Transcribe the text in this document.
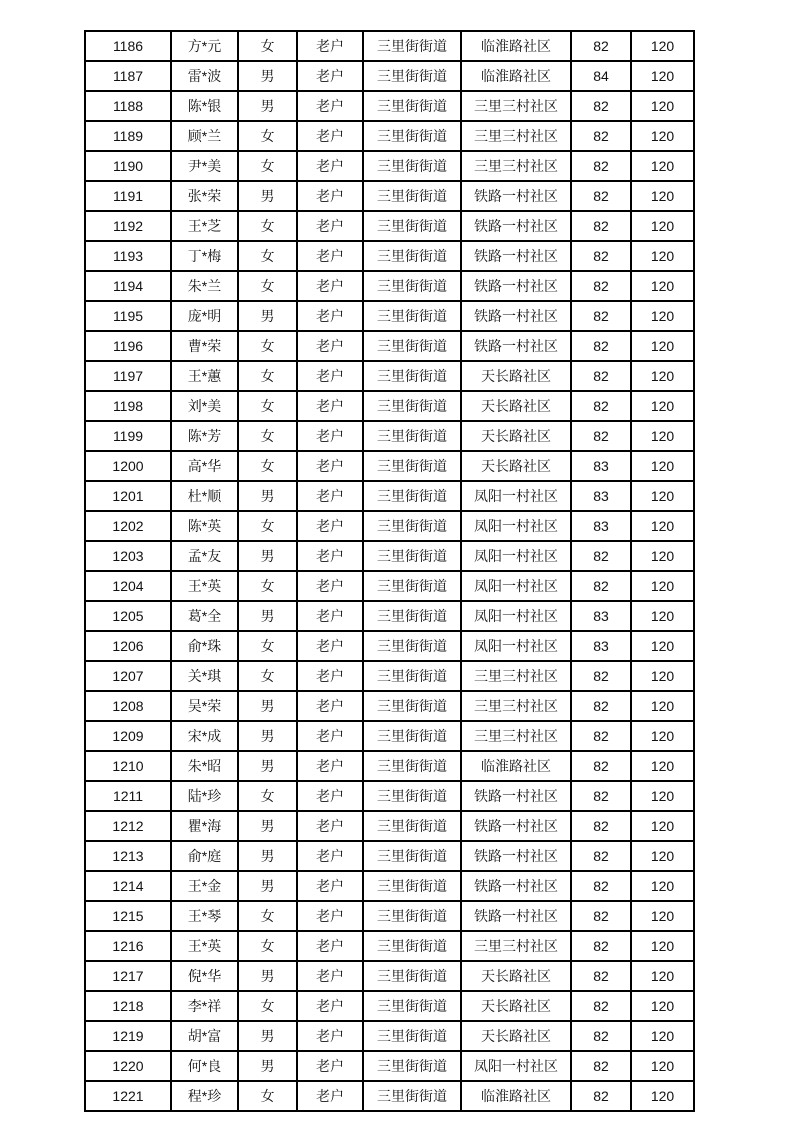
1186	方*元	女	老户	三里街街道	临淮路社区	82	120
1187	雷*波	男	老户	三里街街道	临淮路社区	84	120
1188	陈*银	男	老户	三里街街道	三里三村社区	82	120
1189	顾*兰	女	老户	三里街街道	三里三村社区	82	120
1190	尹*美	女	老户	三里街街道	三里三村社区	82	120
1191	张*荣	男	老户	三里街街道	铁路一村社区	82	120
1192	王*芝	女	老户	三里街街道	铁路一村社区	82	120
1193	丁*梅	女	老户	三里街街道	铁路一村社区	82	120
1194	朱*兰	女	老户	三里街街道	铁路一村社区	82	120
1195	庞*明	男	老户	三里街街道	铁路一村社区	82	120
1196	曹*荣	女	老户	三里街街道	铁路一村社区	82	120
1197	王*蕙	女	老户	三里街街道	天长路社区	82	120
1198	刘*美	女	老户	三里街街道	天长路社区	82	120
1199	陈*芳	女	老户	三里街街道	天长路社区	82	120
1200	高*华	女	老户	三里街街道	天长路社区	83	120
1201	杜*顺	男	老户	三里街街道	凤阳一村社区	83	120
1202	陈*英	女	老户	三里街街道	凤阳一村社区	83	120
1203	孟*友	男	老户	三里街街道	凤阳一村社区	82	120
1204	王*英	女	老户	三里街街道	凤阳一村社区	82	120
1205	葛*全	男	老户	三里街街道	凤阳一村社区	83	120
1206	俞*珠	女	老户	三里街街道	凤阳一村社区	83	120
1207	关*琪	女	老户	三里街街道	三里三村社区	82	120
1208	吴*荣	男	老户	三里街街道	三里三村社区	82	120
1209	宋*成	男	老户	三里街街道	三里三村社区	82	120
1210	朱*昭	男	老户	三里街街道	临淮路社区	82	120
1211	陆*珍	女	老户	三里街街道	铁路一村社区	82	120
1212	瞿*海	男	老户	三里街街道	铁路一村社区	82	120
1213	俞*庭	男	老户	三里街街道	铁路一村社区	82	120
1214	王*金	男	老户	三里街街道	铁路一村社区	82	120
1215	王*琴	女	老户	三里街街道	铁路一村社区	82	120
1216	王*英	女	老户	三里街街道	三里三村社区	82	120
1217	倪*华	男	老户	三里街街道	天长路社区	82	120
1218	李*祥	女	老户	三里街街道	天长路社区	82	120
1219	胡*富	男	老户	三里街街道	天长路社区	82	120
1220	何*良	男	老户	三里街街道	凤阳一村社区	82	120
1221	程*珍	女	老户	三里街街道	临淮路社区	82	120
